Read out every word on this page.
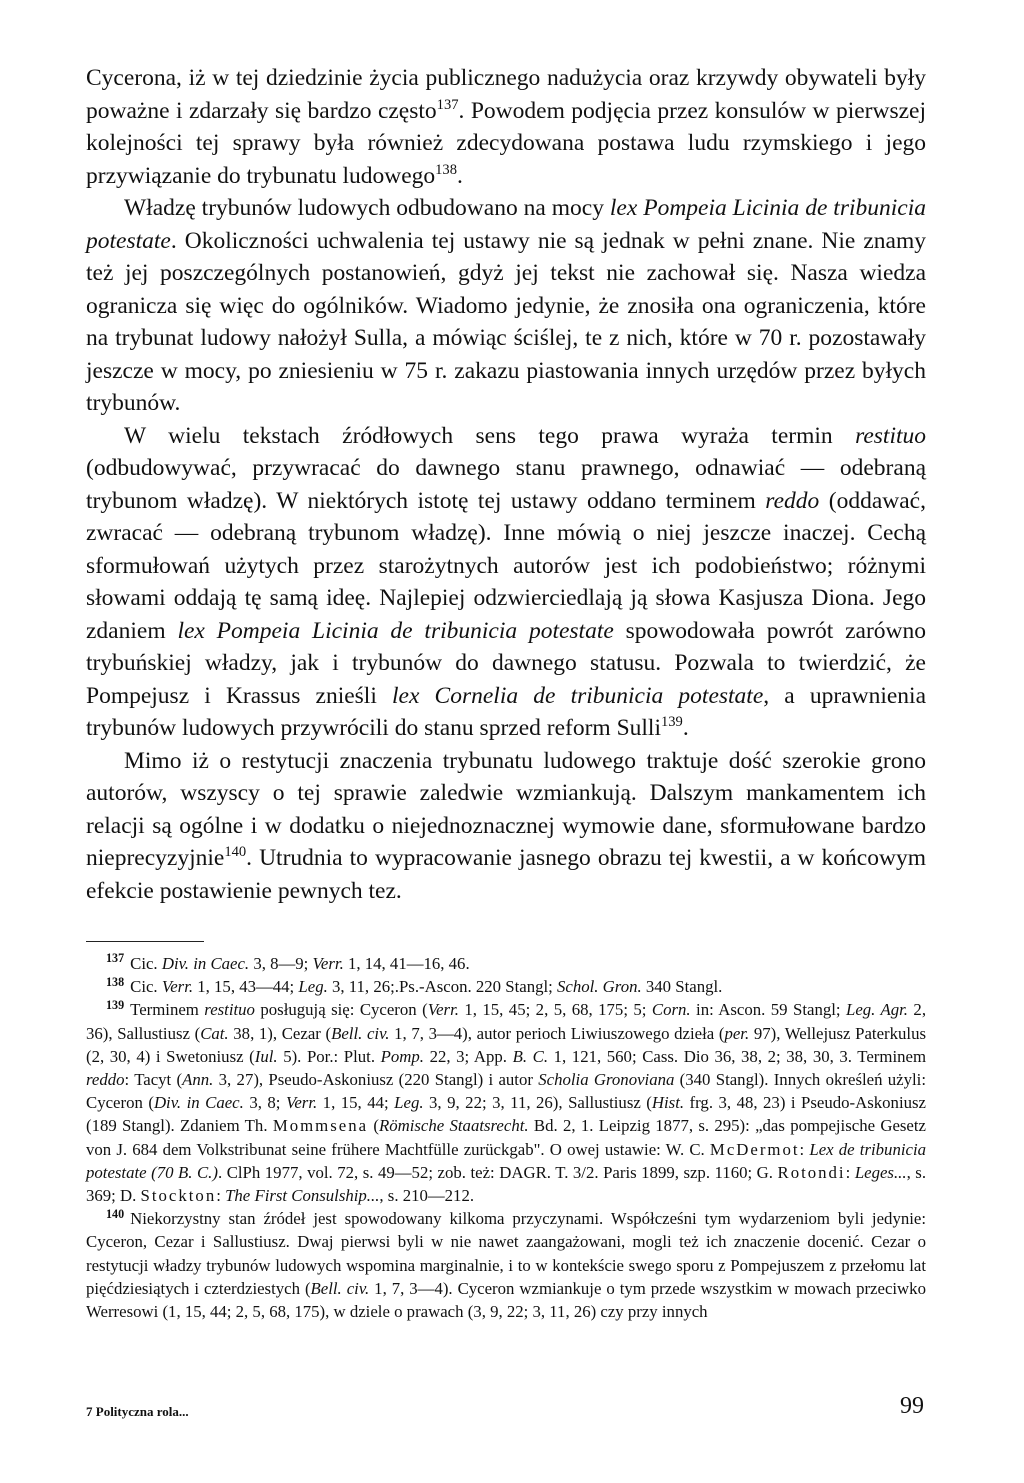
Cycerona, iż w tej dziedzinie życia publicznego nadużycia oraz krzywdy obywateli były poważne i zdarzały się bardzo często$^{137}$. Powodem podjęcia przez konsulów w pierwszej kolejności tej sprawy była również zdecydowana postawa ludu rzymskiego i jego przywiązanie do trybunatu ludowego$^{138}$.

Władzę trybunów ludowych odbudowano na mocy lex Pompeia Licinia de tribunicia potestate. Okoliczności uchwalenia tej ustawy nie są jednak w pełni znane. Nie znamy też jej poszczególnych postanowień, gdyż jej tekst nie zachował się. Nasza wiedza ogranicza się więc do ogólników. Wiadomo jedynie, że znosiła ona ograniczenia, które na trybunat ludowy nałożył Sulla, a mówiąc ściślej, te z nich, które w 70 r. pozostawały jeszcze w mocy, po zniesieniu w 75 r. zakazu piastowania innych urzędów przez byłych trybunów.

W wielu tekstach źródłowych sens tego prawa wyraża termin restituo (odbudowywać, przywracać do dawnego stanu prawnego, odnawiać — odebraną trybunom władzę). W niektórych istotę tej ustawy oddano terminem reddo (oddawać, zwracać — odebraną trybunom władzę). Inne mówią o niej jeszcze inaczej. Cechą sformułowań użytych przez starożytnych autorów jest ich podobieństwo; różnymi słowami oddają tę samą ideę. Najlepiej odzwierciedlają ją słowa Kasjusza Diona. Jego zdaniem lex Pompeia Licinia de tribunicia potestate spowodowała powrót zarówno trybuńskiej władzy, jak i trybunów do dawnego statusu. Pozwala to twierdzić, że Pompejusz i Krassus znieśli lex Cornelia de tribunicia potestate, a uprawnienia trybunów ludowych przywrócili do stanu sprzed reform Sulli$^{139}$.

Mimo iż o restytucji znaczenia trybunatu ludowego traktuje dość szerokie grono autorów, wszyscy o tej sprawie zaledwie wzmiankują. Dalszym mankamentem ich relacji są ogólne i w dodatku o niejednoznacznej wymowie dane, sformułowane bardzo nieprecyzyjnie$^{140}$. Utrudnia to wypracowanie jasnego obrazu tej kwestii, a w końcowym efekcie postawienie pewnych tez.

$^{137}$ Cic. Div. in Caec. 3, 8—9; Verr. 1, 14, 41—16, 46.

$^{138}$ Cic. Verr. 1, 15, 43—44; Leg. 3, 11, 26;.Ps.-Ascon. 220 Stangl; Schol. Gron. 340 Stangl.

$^{139}$ Terminem restituo posługują się: Cyceron (Verr. 1, 15, 45; 2, 5, 68, 175; 5; Corn. in: Ascon. 59 Stangl; Leg. Agr. 2, 36), Sallustiusz (Cat. 38, 1), Cezar (Bell. civ. 1, 7, 3—4), autor perioch Liwiuszowego dzieła (per. 97), Wellejusz Paterkulus (2, 30, 4) i Swetoniusz (Iul. 5). Por.: Plut. Pomp. 22, 3; App. B. C. 1, 121, 560; Cass. Dio 36, 38, 2; 38, 30, 3. Terminem reddo: Tacyt (Ann. 3, 27), Pseudo-Askoniusz (220 Stangl) i autor Scholia Gronoviana (340 Stangl). Innych określeń użyli: Cyceron (Div. in Caec. 3, 8; Verr. 1, 15, 44; Leg. 3, 9, 22; 3, 11, 26), Sallustiusz (Hist. frg. 3, 48, 23) i Pseudo-Askoniusz (189 Stangl). Zdaniem Th. Mommsena (Römische Staatsrecht. Bd. 2, 1. Leipzig 1877, s. 295): „das pompejische Gesetz von J. 684 dem Volkstribunat seine frühere Machtfülle zurückgab". O owej ustawie: W. C. McDermot: Lex de tribunicia potestate (70 B. C.). ClPh 1977, vol. 72, s. 49—52; zob. też: DAGR. T. 3/2. Paris 1899, szp. 1160; G. Rotondi: Leges..., s. 369; D. Stockton: The First Consulship..., s. 210—212.

$^{140}$ Niekorzystny stan źródeł jest spowodowany kilkoma przyczynami. Współcześni tym wydarzeniom byli jedynie: Cyceron, Cezar i Sallustiusz. Dwaj pierwsi byli w nie nawet zaangażowani, mogli też ich znaczenie docenić. Cezar o restytucji władzy trybunów ludowych wspomina marginalnie, i to w kontekście swego sporu z Pompejuszem z przełomu lat pięćdziesiątych i czterdziestych (Bell. civ. 1, 7, 3—4). Cyceron wzmiankuje o tym przede wszystkim w mowach przeciwko Werresowi (1, 15, 44; 2, 5, 68, 175), w dziele o prawach (3, 9, 22; 3, 11, 26) czy przy innych

7 Polityczna rola...	99
